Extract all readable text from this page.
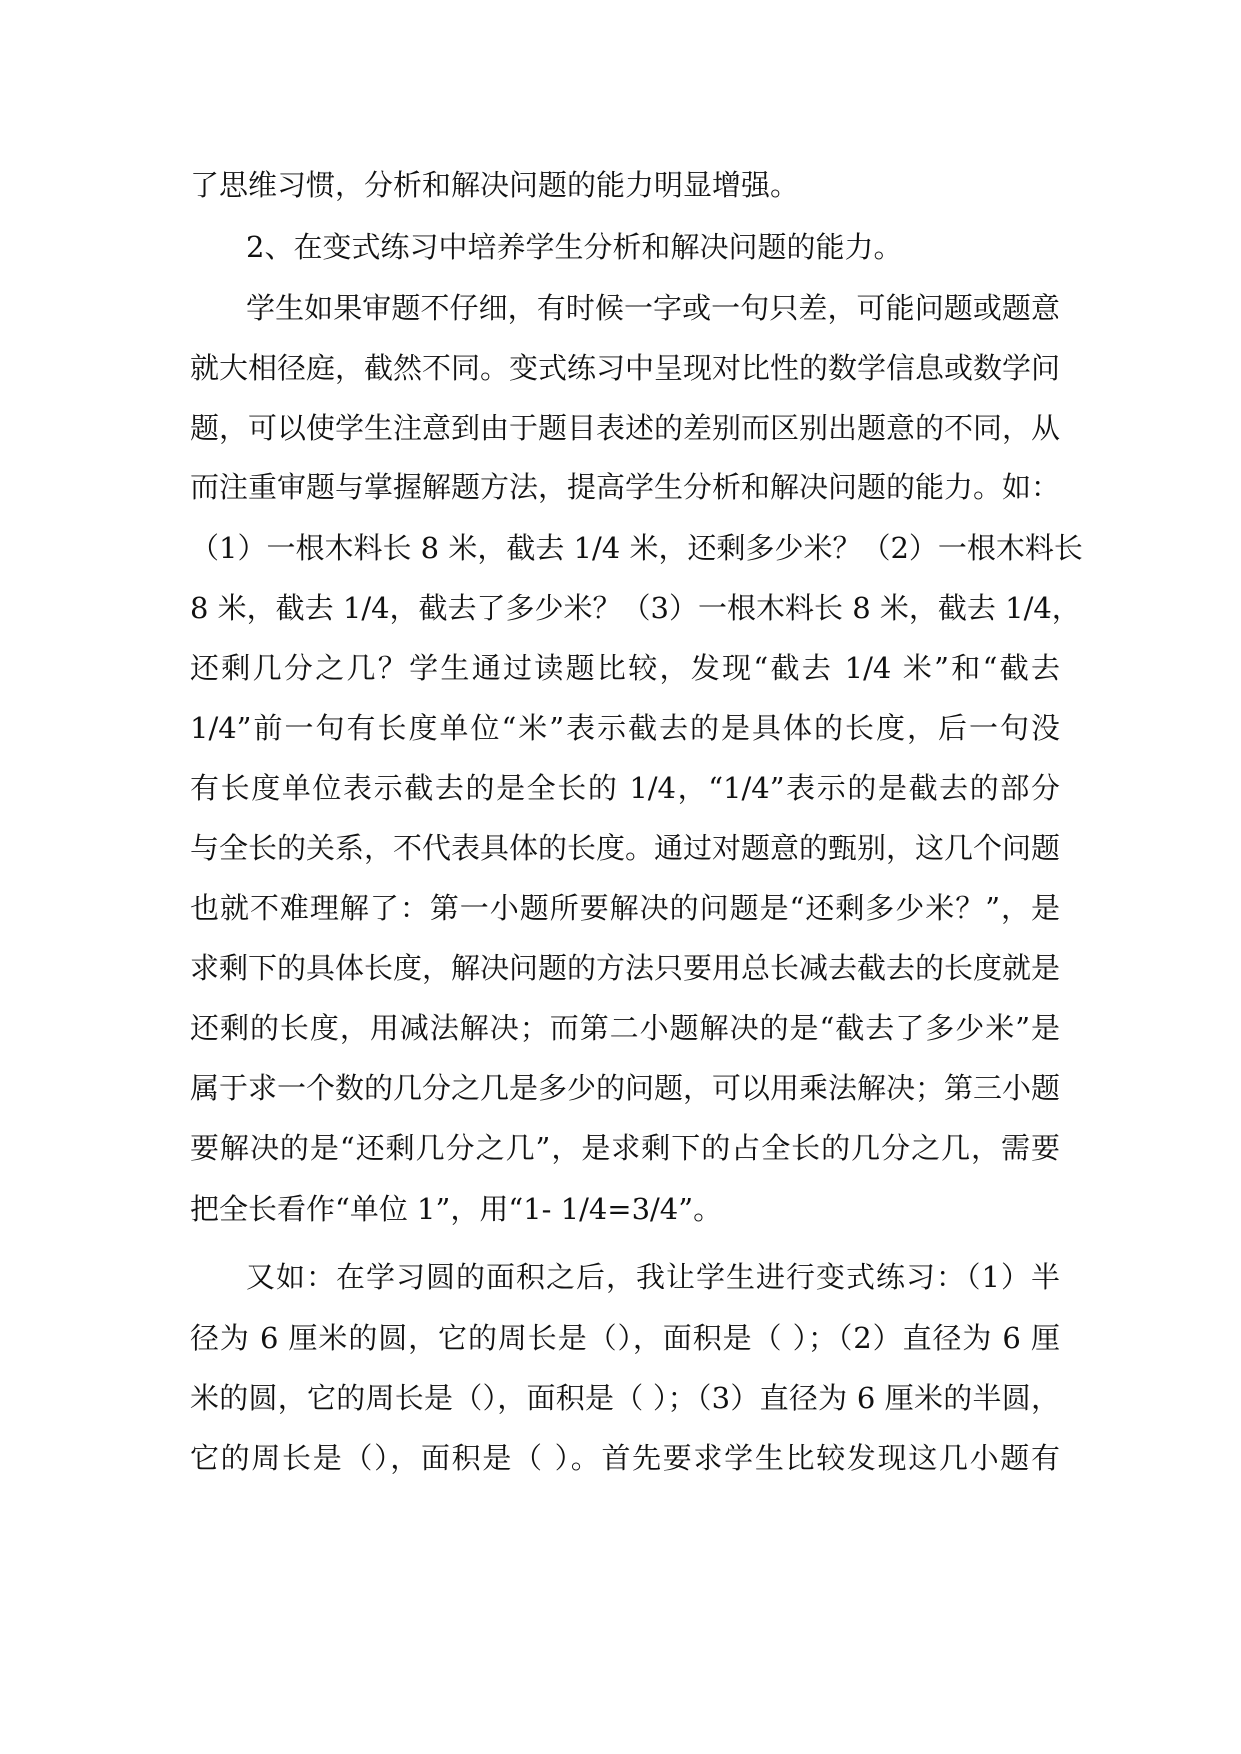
了思维习惯，分析和解决问题的能力明显增强。
2、在变式练习中培养学生分析和解决问题的能力。
学生如果审题不仔细，有时候一字或一句只差，可能问题或题意
就大相径庭，截然不同。变式练习中呈现对比性的数学信息或数学问
题，可以使学生注意到由于题目表述的差别而区别出题意的不同，从
而注重审题与掌握解题方法，提高学生分析和解决问题的能力。如：
（1）一根木料长 8 米，截去 1/4 米，还剩多少米？（2）一根木料长
8 米，截去 1/4，截去了多少米？（3）一根木料长 8 米，截去 1/4，
还剩几分之几？学生通过读题比较，发现“截去 1/4 米”和“截去
1/4”前一句有长度单位“米”表示截去的是具体的长度，后一句没
有长度单位表示截去的是全长的 1/4，“1/4”表示的是截去的部分
与全长的关系，不代表具体的长度。通过对题意的甄别，这几个问题
也就不难理解了：第一小题所要解决的问题是“还剩多少米？”，是
求剩下的具体长度，解决问题的方法只要用总长减去截去的长度就是
还剩的长度，用减法解决；而第二小题解决的是“截去了多少米”是
属于求一个数的几分之几是多少的问题，可以用乘法解决；第三小题
要解决的是“还剩几分之几”，是求剩下的占全长的几分之几，需要
把全长看作“单位 1”，用“1- 1/4=3/4”。
又如：在学习圆的面积之后，我让学生进行变式练习：（1）半
径为 6 厘米的圆，它的周长是（），面积是（ ）；（2）直径为 6 厘
米的圆，它的周长是（），面积是（ ）；（3）直径为 6 厘米的半圆，
它的周长是（），面积是（ ）。首先要求学生比较发现这几小题有
